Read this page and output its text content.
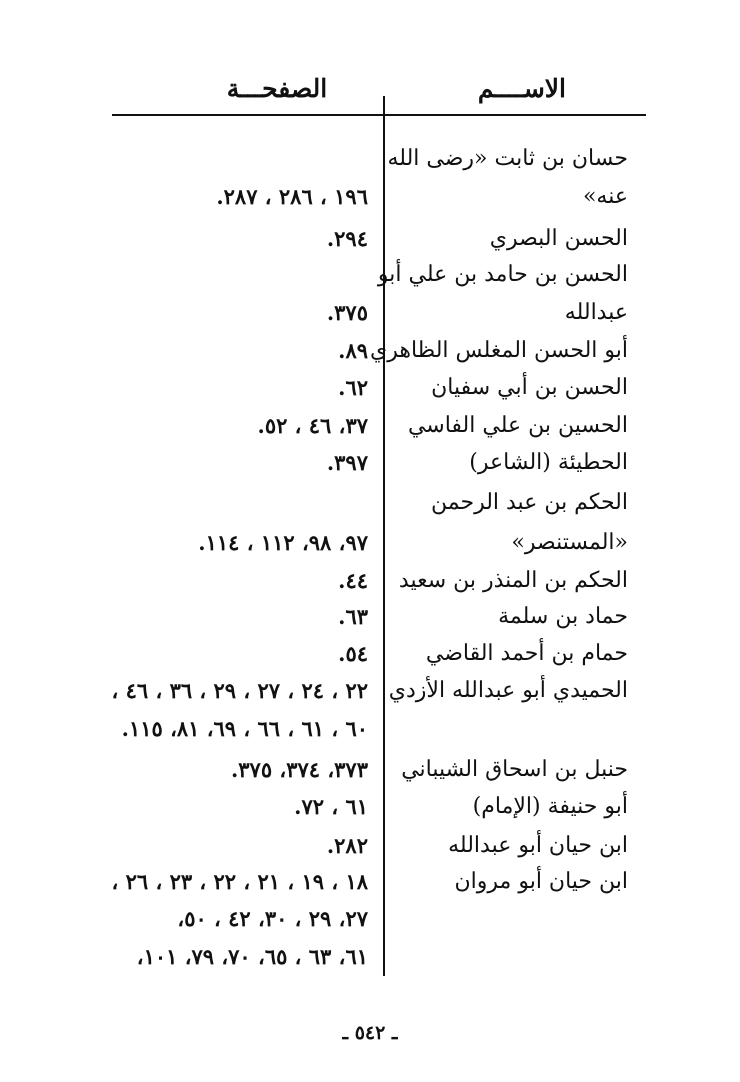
الاســــم
الصفحـــة
حسان بن ثابت «رضى الله
عنه»
١٩٦ ، ٢٨٦ ، ٢٨٧.
الحسن البصري
٢٩٤.
الحسن بن حامد بن علي أبو
عبدالله
٣٧٥.
أبو الحسن المغلس الظاهري
٨٩.
الحسن بن أبي سفيان
٦٢.
الحسين بن علي الفاسي
٣٧، ٤٦ ، ٥٢.
الحطيئة (الشاعر)
٣٩٧.
الحكم بن عبد الرحمن
«المستنصر»
٩٧، ٩٨، ١١٢ ، ١١٤.
الحكم بن المنذر بن سعيد
٤٤.
حماد بن سلمة
٦٣.
حمام بن أحمد القاضي
٥٤.
الحميدي أبو عبدالله الأزدي
٢٢ ، ٢٤ ، ٢٧ ، ٢٩ ، ٣٦ ، ٤٦ ،
٦٠ ، ٦١ ، ٦٦ ، ٦٩، ٨١، ١١٥.
حنبل بن اسحاق الشيباني
٣٧٣، ٣٧٤، ٣٧٥.
أبو حنيفة (الإمام)
٦١ ، ٧٢.
ابن حيان أبو عبدالله
٢٨٢.
ابن حيان أبو مروان
١٨ ، ١٩ ، ٢١ ، ٢٢ ، ٢٣ ، ٢٦ ،
٢٧، ٢٩ ، ٣٠، ٤٢ ، ٥٠،
٦١، ٦٣ ، ٦٥، ٧٠، ٧٩، ١٠١،
ـ ٥٤٢ ـ
